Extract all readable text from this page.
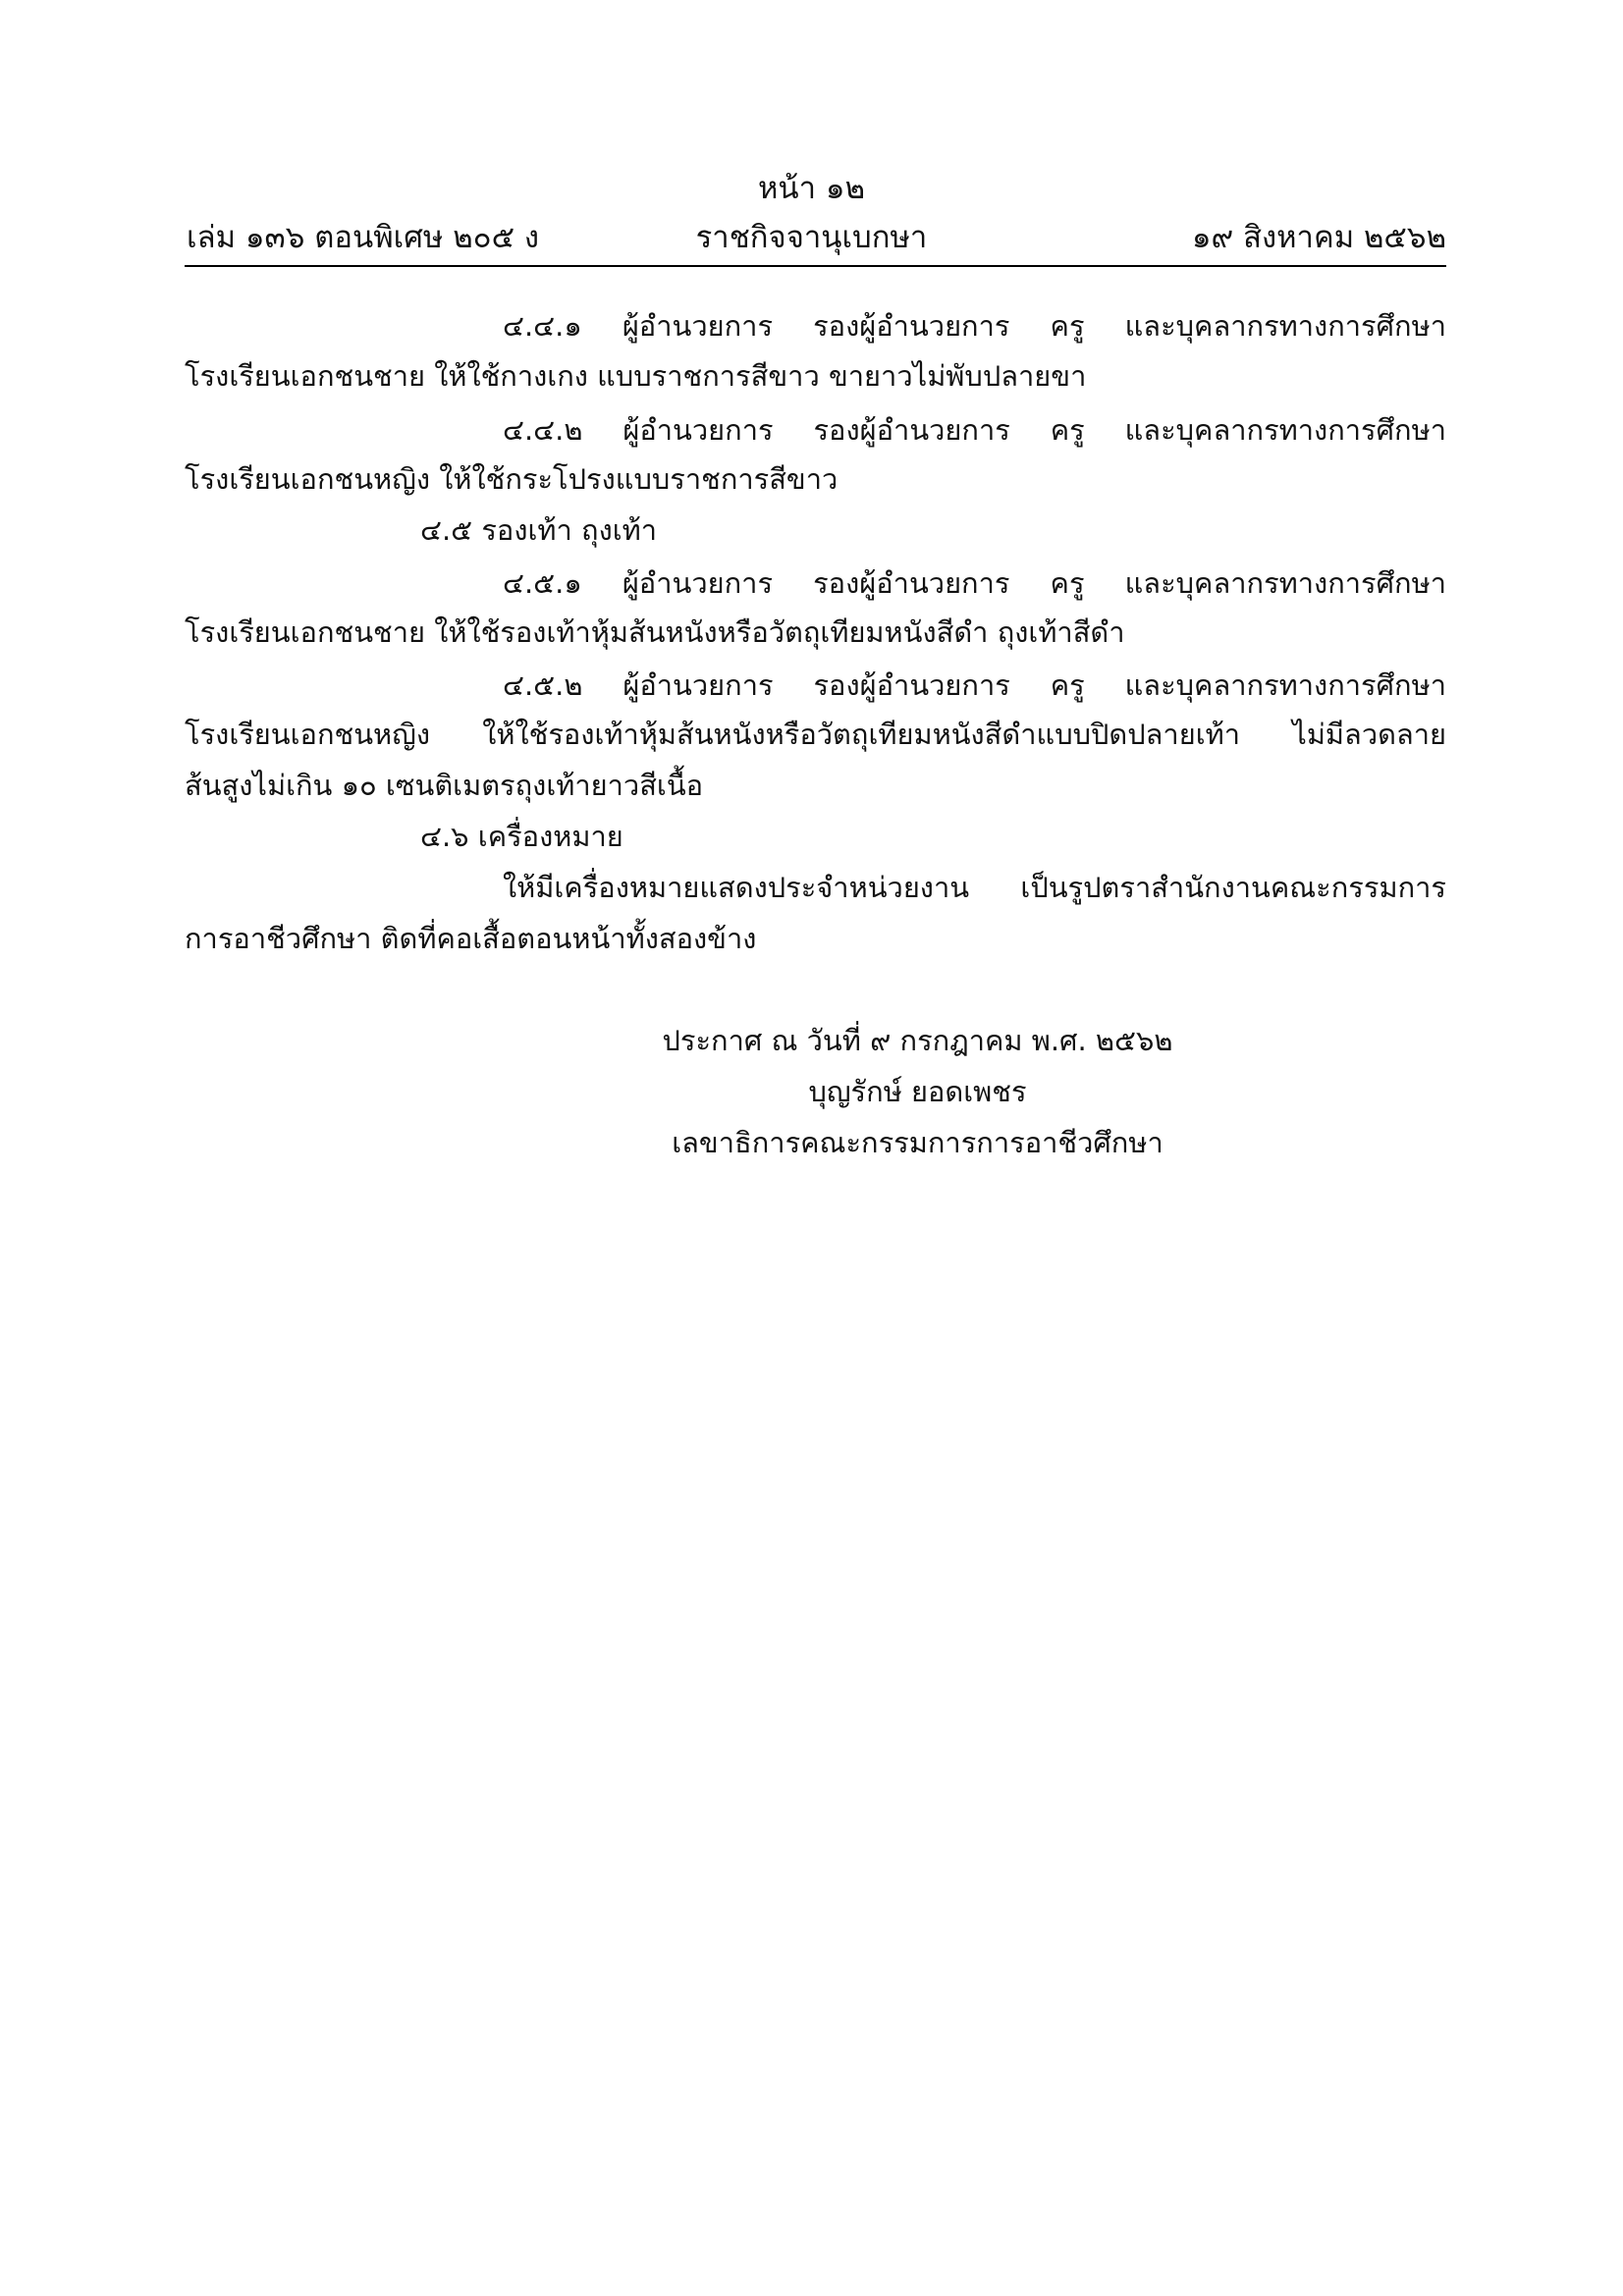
หน้า ๑๒
เล่ม ๑๓๖ ตอนพิเศษ ๒๐๕ ง	ราชกิจจานุเบกษา	๑๙ สิงหาคม ๒๕๖๒
๔.๔.๑ ผู้อำนวยการ รองผู้อำนวยการ ครู และบุคลากรทางการศึกษา
โรงเรียนเอกชนชาย ให้ใช้กางเกง แบบราชการสีขาว ขายาวไม่พับปลายขา
๔.๔.๒ ผู้อำนวยการ รองผู้อำนวยการ ครู และบุคลากรทางการศึกษา
โรงเรียนเอกชนหญิง ให้ใช้กระโปรงแบบราชการสีขาว
๔.๕ รองเท้า ถุงเท้า
๔.๕.๑ ผู้อำนวยการ รองผู้อำนวยการ ครู และบุคลากรทางการศึกษา
โรงเรียนเอกชนชาย ให้ใช้รองเท้าหุ้มส้นหนังหรือวัตถุเทียมหนังสีดำ ถุงเท้าสีดำ
๔.๕.๒ ผู้อำนวยการ รองผู้อำนวยการ ครู และบุคลากรทางการศึกษา
โรงเรียนเอกชนหญิง ให้ใช้รองเท้าหุ้มส้นหนังหรือวัตถุเทียมหนังสีดำแบบปิดปลายเท้า ไม่มีลวดลาย
ส้นสูงไม่เกิน ๑๐ เซนติเมตรถุงเท้ายาวสีเนื้อ
๔.๖ เครื่องหมาย
ให้มีเครื่องหมายแสดงประจำหน่วยงาน เป็นรูปตราสำนักงานคณะกรรมการ
การอาชีวศึกษา ติดที่คอเสื้อตอนหน้าทั้งสองข้าง
ประกาศ ณ วันที่ ๙ กรกฎาคม พ.ศ. ๒๕๖๒
บุญรักษ์ ยอดเพชร
เลขาธิการคณะกรรมการการอาชีวศึกษา
